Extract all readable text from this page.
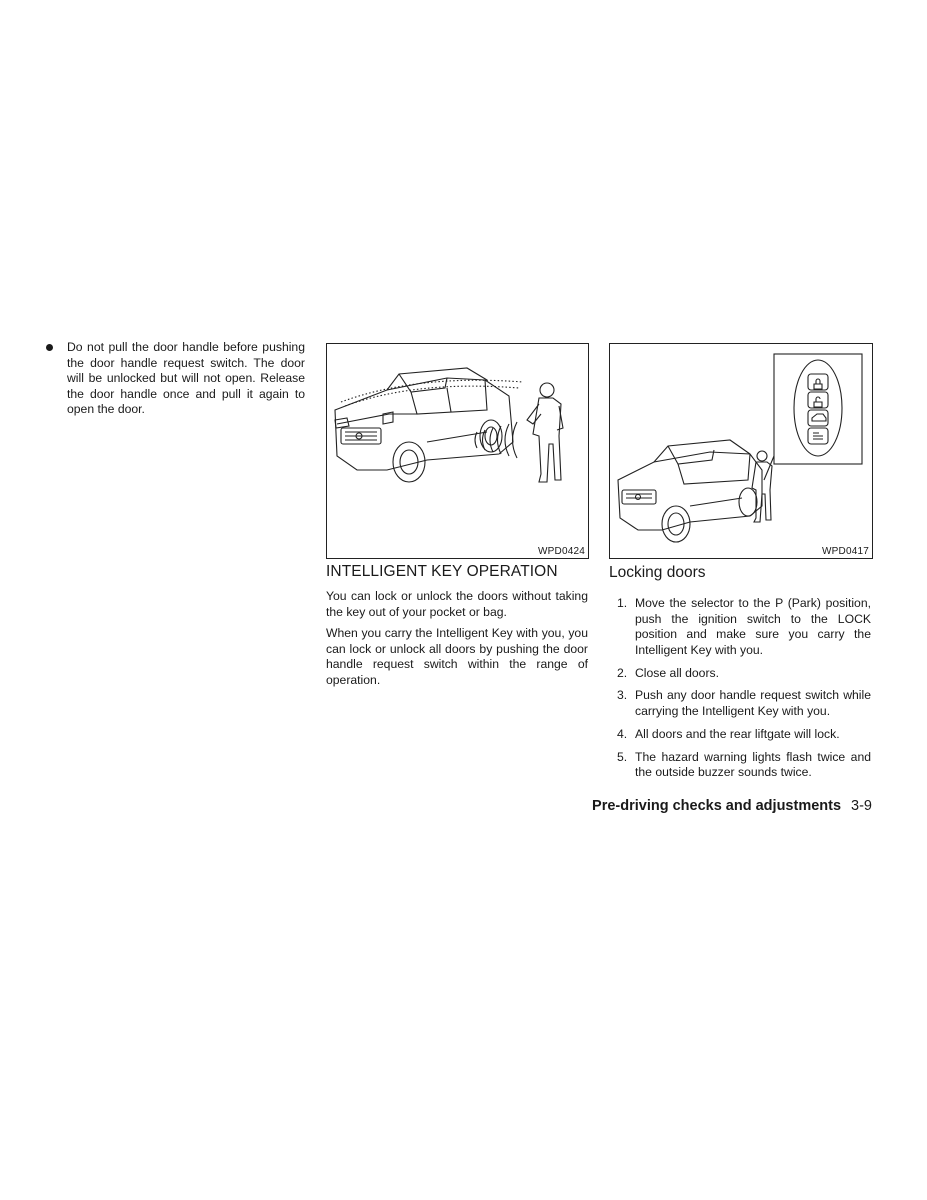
Do not pull the door handle before pushing the door handle request switch. The door will be unlocked but will not open. Release the door handle once and pull it again to open the door.
WPD0424	WPD0417
INTELLIGENT KEY OPERATION
You can lock or unlock the doors without taking the key out of your pocket or bag.
When you carry the Intelligent Key with you, you can lock or unlock all doors by pushing the door handle request switch within the range of operation.
Locking doors
1. Move the selector to the P (Park) position, push the ignition switch to the LOCK position and make sure you carry the Intelligent Key with you.
2. Close all doors.
3. Push any door handle request switch while carrying the Intelligent Key with you.
4. All doors and the rear liftgate will lock.
5. The hazard warning lights flash twice and the outside buzzer sounds twice.
Pre-driving checks and adjustments 3-9
